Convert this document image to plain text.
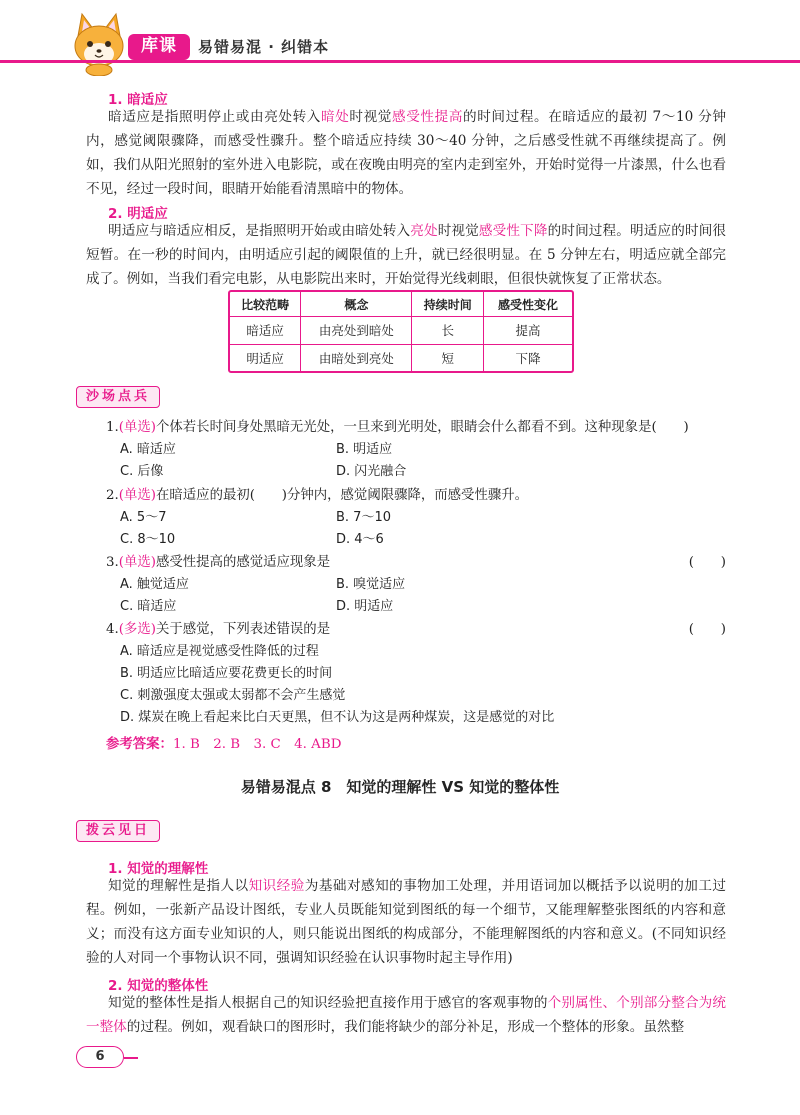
库课	易错易混 · 纠错本
1. 暗适应

暗适应是指照明停止或由亮处转入暗处时视觉感受性提高的时间过程。在暗适应的最初 7～10 分钟内，感觉阈限骤降，而感受性骤升。整个暗适应持续 30～40 分钟，之后感受性就不再继续提高了。例如，我们从阳光照射的室外进入电影院，或在夜晚由明亮的室内走到室外，开始时觉得一片漆黑，什么也看不见，经过一段时间，眼睛开始能看清黑暗中的物体。

2. 明适应

明适应与暗适应相反，是指照明开始或由暗处转入亮处时视觉感受性下降的时间过程。明适应的时间很短暂。在一秒的时间内，由明适应引起的阈限值的上升，就已经很明显。在 5 分钟左右，明适应就全部完成了。例如，当我们看完电影，从电影院出来时，开始觉得光线刺眼，但很快就恢复了正常状态。

比较范畴	概念	持续时间	感受性变化
暗适应	由亮处到暗处	长	提高
明适应	由暗处到亮处	短	下降
沙场点兵
1.(单选)个体若长时间身处黑暗无光处，一旦来到光明处，眼睛会什么都看不到。这种现象是(　　)
A. 暗适应	B. 明适应
C. 后像	D. 闪光融合
2.(单选)在暗适应的最初(　　)分钟内，感觉阈限骤降，而感受性骤升。
A. 5～7	B. 7～10
C. 8～10	D. 4～6
3.(单选)感受性提高的感觉适应现象是	(　　)
A. 触觉适应	B. 嗅觉适应
C. 暗适应	D. 明适应
4.(多选)关于感觉，下列表述错误的是	(　　)
A. 暗适应是视觉感受性降低的过程
B. 明适应比暗适应要花费更长的时间
C. 刺激强度太强或太弱都不会产生感觉
D. 煤炭在晚上看起来比白天更黑，但不认为这是两种煤炭，这是感觉的对比
参考答案：1. B　2. B　3. C　4. ABD
易错易混点 8　知觉的理解性 VS 知觉的整体性
拨云见日
1. 知觉的理解性

知觉的理解性是指人以知识经验为基础对感知的事物加工处理，并用语词加以概括予以说明的加工过程。例如，一张新产品设计图纸，专业人员既能知觉到图纸的每一个细节，又能理解整张图纸的内容和意义；而没有这方面专业知识的人，则只能说出图纸的构成部分，不能理解图纸的内容和意义。(不同知识经验的人对同一个事物认识不同，强调知识经验在认识事物时起主导作用)

2. 知觉的整体性

知觉的整体性是指人根据自己的知识经验把直接作用于感官的客观事物的个别属性、个别部分整合为统一整体的过程。例如，观看缺口的图形时，我们能将缺少的部分补足，形成一个整体的形象。虽然整

6
